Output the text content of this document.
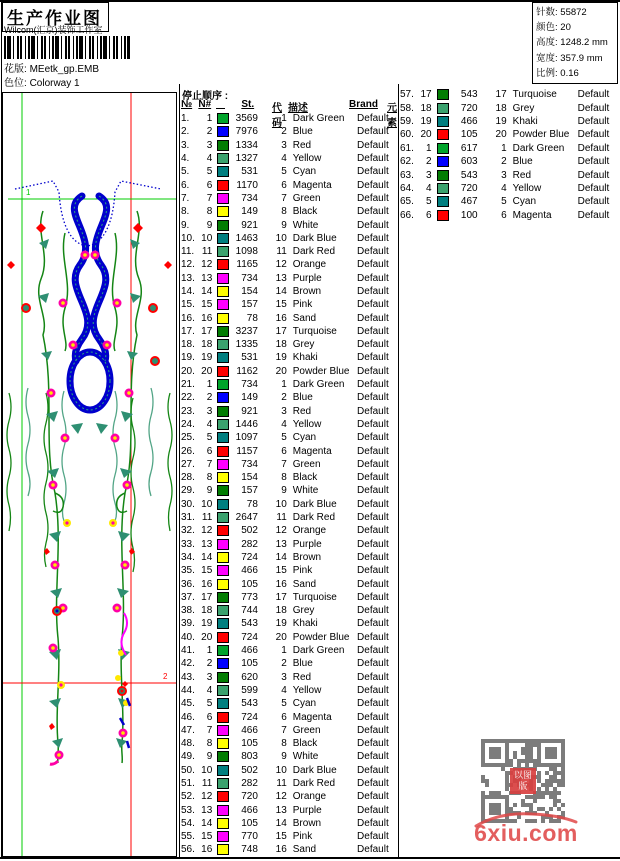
生产作业图
Wilcom(汇京)装饰工作室
花版: MEetk_gp.EMB
色位: Colorway 1
针数: 55872
颜色: 20
高度: 1248.2 mm
宽度: 357.9 mm
比例: 0.16
1
2
停止顺序 :
№ N#	St.	代码
描述	Brand 元素
1.	1	3569	1 Dark Green	Default
2.	2	7976	2 Blue	Default
3.	3	1334	3 Red	Default
4.	4	1327	4 Yellow	Default
5.	5	531	5 Cyan	Default
6.	6	1170	6 Magenta	Default
7.	7	734	7 Green	Default
8.	8	149	8 Black	Default
9.	9	921	9 White	Default
10. 10	1463	10 Dark Blue	Default
11. 11	1098	11 Dark Red	Default
12. 12	1165	12 Orange	Default
13. 13	734	13 Purple	Default
14. 14	154	14 Brown	Default
15. 15	157	15 Pink	Default
16. 16	78	16 Sand	Default
17. 17	3237	17 Turquoise	Default
18. 18	1335	18 Grey	Default
19. 19	531	19 Khaki	Default
20. 20	1162	20 Powder Blue Default
21.	1	734	1 Dark Green	Default
22.	2	149	2 Blue	Default
23.	3	921	3 Red	Default
24.	4	1446	4 Yellow	Default
25.	5	1097	5 Cyan	Default
26.	6	1157	6 Magenta	Default
27.	7	734	7 Green	Default
28.	8	154	8 Black	Default
29.	9	157	9 White	Default
30. 10	78	10 Dark Blue	Default
31. 11	2647	11 Dark Red	Default
32. 12	502	12 Orange	Default
33. 13	282	13 Purple	Default
34. 14	724	14 Brown	Default
35. 15	466	15 Pink	Default
36. 16	105	16 Sand	Default
37. 17	773	17 Turquoise	Default
38. 18	744	18 Grey	Default
39. 19	543	19 Khaki	Default
40. 20	724	20 Powder Blue Default
41.	1	466	1 Dark Green	Default
42.	2	105	2 Blue	Default
43.	3	620	3 Red	Default
44.	4	599	4 Yellow	Default
45.	5	543	5 Cyan	Default
46.	6	724	6 Magenta	Default
47.	7	466	7 Green	Default
48.	8	105	8 Black	Default
49.	9	803	9 White	Default
50. 10	502	10 Dark Blue	Default
51. 11	282	11 Dark Red	Default
52. 12	720	12 Orange	Default
53. 13	466	13 Purple	Default
54. 14	105	14 Brown	Default
55. 15	770	15 Pink	Default
56. 16	748	16 Sand	Default
57. 17	543	17 Turquoise	Default
58. 18	720	18 Grey	Default
59. 19	466	19 Khaki	Default
60. 20	105	20 Powder Blue Default
61.	1	617	1 Dark Green	Default
62.	2	603	2 Blue	Default
63.	3	543	3 Red	Default
64.	4	720	4 Yellow	Default
65.	5	467	5 Cyan	Default
66.	6	100	6 Magenta	Default
以图版
6xiu.com
